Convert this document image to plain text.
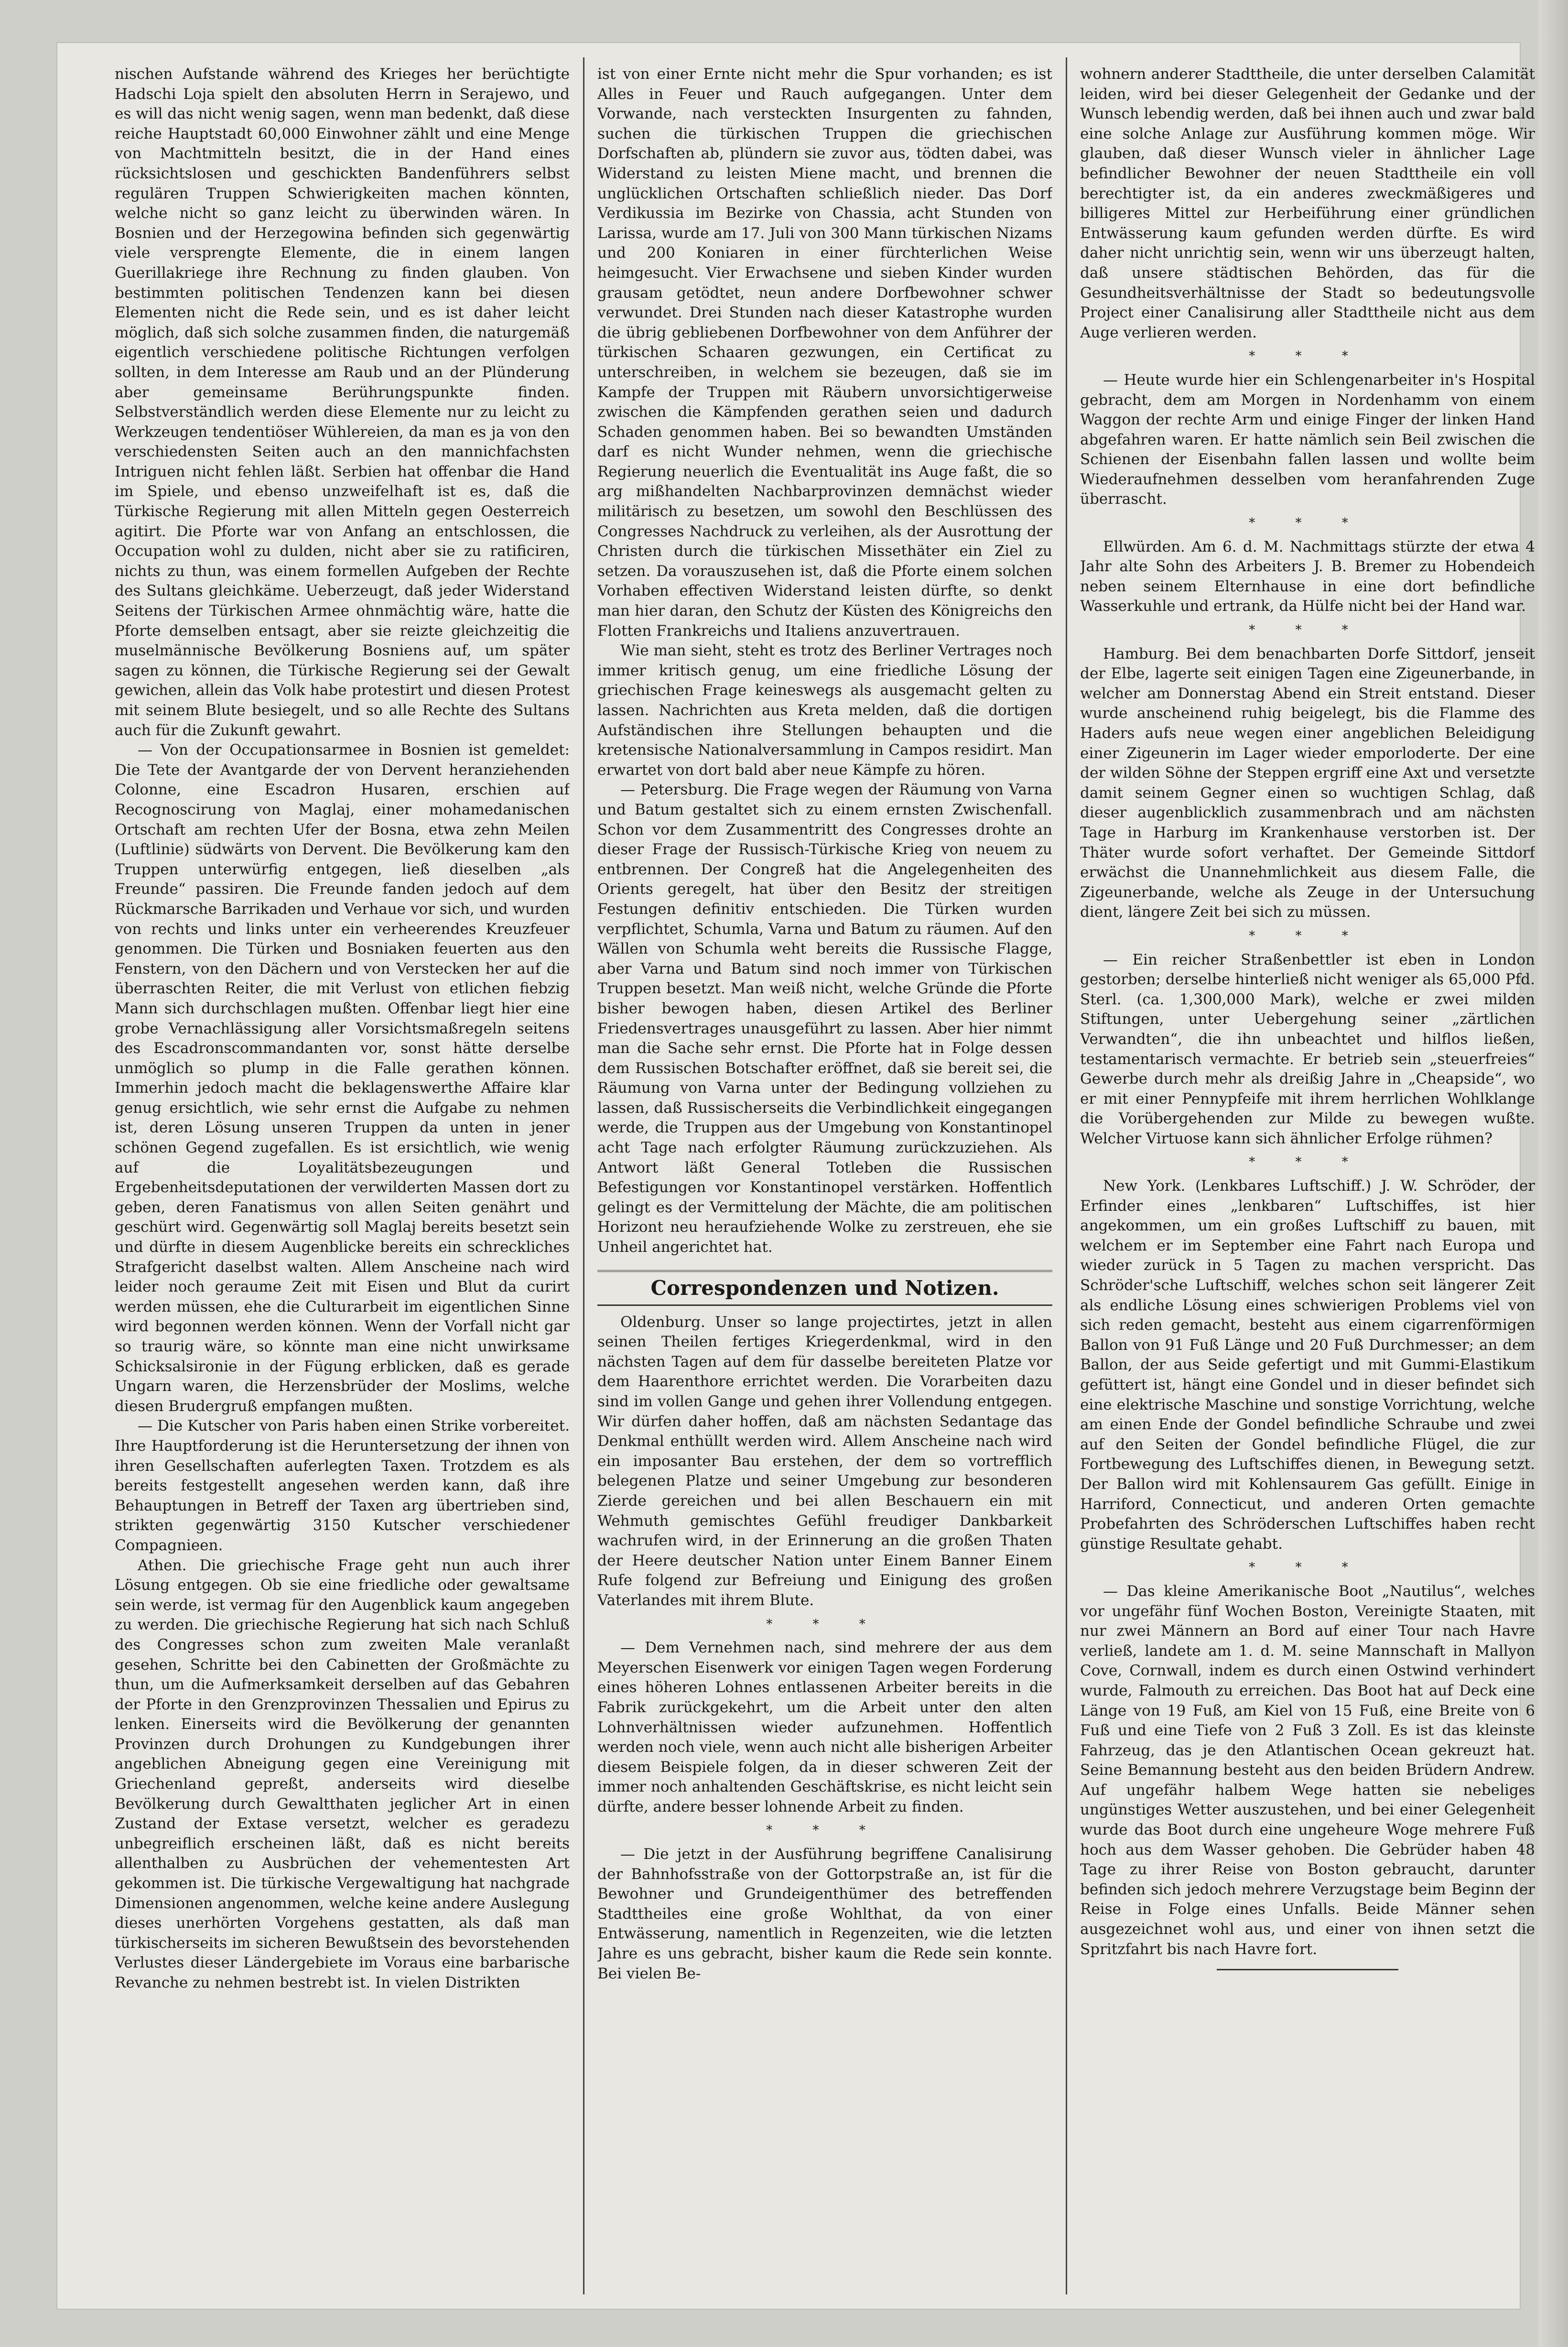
nischen Aufstande während des Krieges her berüchtigte Hadschi Loja spielt den absoluten Herrn in Serajewo, und es will das nicht wenig sagen, wenn man bedenkt, daß diese reiche Hauptstadt 60,000 Einwohner zählt und eine Menge von Machtmitteln besitzt, die in der Hand eines rücksichtslosen und geschickten Bandenführers selbst regulären Truppen Schwierigkeiten machen könnten, welche nicht so ganz leicht zu überwinden wären. In Bosnien und der Herzegowina befinden sich gegenwärtig viele versprengte Elemente, die in einem langen Guerillakriege ihre Rechnung zu finden glauben. Von bestimmten politischen Tendenzen kann bei diesen Elementen nicht die Rede sein, und es ist daher leicht möglich, daß sich solche zusammen finden, die naturgemäß eigentlich verschiedene politische Richtungen verfolgen sollten, in dem Interesse am Raub und an der Plünderung aber gemeinsame Berührungspunkte finden. Selbstverständlich werden diese Elemente nur zu leicht zu Werkzeugen tendentiöser Wühlereien, da man es ja von den verschiedensten Seiten auch an den mannichfachsten Intriguen nicht fehlen läßt. Serbien hat offenbar die Hand im Spiele, und ebenso unzweifelhaft ist es, daß die Türkische Regierung mit allen Mitteln gegen Oesterreich agitirt. Die Pforte war von Anfang an entschlossen, die Occupation wohl zu dulden, nicht aber sie zu ratificiren, nichts zu thun, was einem formellen Aufgeben der Rechte des Sultans gleichkäme. Ueberzeugt, daß jeder Widerstand Seitens der Türkischen Armee ohnmächtig wäre, hatte die Pforte demselben entsagt, aber sie reizte gleichzeitig die muselmännische Bevölkerung Bosniens auf, um später sagen zu können, die Türkische Regierung sei der Gewalt gewichen, allein das Volk habe protestirt und diesen Protest mit seinem Blute besiegelt, und so alle Rechte des Sultans auch für die Zukunft gewahrt.

— Von der Occupationsarmee in Bosnien ist gemeldet: Die Tete der Avantgarde der von Dervent heranziehenden Colonne, eine Escadron Husaren, erschien auf Recognoscirung von Maglaj, einer mohamedanischen Ortschaft am rechten Ufer der Bosna, etwa zehn Meilen (Luftlinie) südwärts von Dervent. Die Bevölkerung kam den Truppen unterwürfig entgegen, ließ dieselben „als Freunde“ passiren. Die Freunde fanden jedoch auf dem Rückmarsche Barrikaden und Verhaue vor sich, und wurden von rechts und links unter ein verheerendes Kreuzfeuer genommen. Die Türken und Bosniaken feuerten aus den Fenstern, von den Dächern und von Verstecken her auf die überraschten Reiter, die mit Verlust von etlichen fiebzig Mann sich durchschlagen mußten. Offenbar liegt hier eine grobe Vernachlässigung aller Vorsichtsmaßregeln seitens des Escadronscommandanten vor, sonst hätte derselbe unmöglich so plump in die Falle gerathen können. Immerhin jedoch macht die beklagenswerthe Affaire klar genug ersichtlich, wie sehr ernst die Aufgabe zu nehmen ist, deren Lösung unseren Truppen da unten in jener schönen Gegend zugefallen. Es ist ersichtlich, wie wenig auf die Loyalitätsbezeugungen und Ergebenheitsdeputationen der verwilderten Massen dort zu geben, deren Fanatismus von allen Seiten genährt und geschürt wird. Gegenwärtig soll Maglaj bereits besetzt sein und dürfte in diesem Augenblicke bereits ein schreckliches Strafgericht daselbst walten. Allem Anscheine nach wird leider noch geraume Zeit mit Eisen und Blut da curirt werden müssen, ehe die Culturarbeit im eigentlichen Sinne wird begonnen werden können. Wenn der Vorfall nicht gar so traurig wäre, so könnte man eine nicht unwirksame Schicksalsironie in der Fügung erblicken, daß es gerade Ungarn waren, die Herzensbrüder der Moslims, welche diesen Brudergruß empfangen mußten.

— Die Kutscher von Paris haben einen Strike vorbereitet. Ihre Hauptforderung ist die Heruntersetzung der ihnen von ihren Gesellschaften auferlegten Taxen. Trotzdem es als bereits festgestellt angesehen werden kann, daß ihre Behauptungen in Betreff der Taxen arg übertrieben sind, strikten gegenwärtig 3150 Kutscher verschiedener Compagnieen.

Athen. Die griechische Frage geht nun auch ihrer Lösung entgegen. Ob sie eine friedliche oder gewaltsame sein werde, ist vermag für den Augenblick kaum angegeben zu werden. Die griechische Regierung hat sich nach Schluß des Congresses schon zum zweiten Male veranlaßt gesehen, Schritte bei den Cabinetten der Großmächte zu thun, um die Aufmerksamkeit derselben auf das Gebahren der Pforte in den Grenzprovinzen Thessalien und Epirus zu lenken. Einerseits wird die Bevölkerung der genannten Provinzen durch Drohungen zu Kundgebungen ihrer angeblichen Abneigung gegen eine Vereinigung mit Griechenland gepreßt, anderseits wird dieselbe Bevölkerung durch Gewaltthaten jeglicher Art in einen Zustand der Extase versetzt, welcher es geradezu unbegreiflich erscheinen läßt, daß es nicht bereits allenthalben zu Ausbrüchen der vehementesten Art gekommen ist. Die türkische Vergewaltigung hat nachgrade Dimensionen angenommen, welche keine andere Auslegung dieses unerhörten Vorgehens gestatten, als daß man türkischerseits im sicheren Bewußtsein des bevorstehenden Verlustes dieser Ländergebiete im Voraus eine barbarische Revanche zu nehmen bestrebt ist. In vielen Distrikten

ist von einer Ernte nicht mehr die Spur vorhanden; es ist Alles in Feuer und Rauch aufgegangen. Unter dem Vorwande, nach versteckten Insurgenten zu fahnden, suchen die türkischen Truppen die griechischen Dorfschaften ab, plündern sie zuvor aus, tödten dabei, was Widerstand zu leisten Miene macht, und brennen die unglücklichen Ortschaften schließlich nieder. Das Dorf Verdikussia im Bezirke von Chassia, acht Stunden von Larissa, wurde am 17. Juli von 300 Mann türkischen Nizams und 200 Koniaren in einer fürchterlichen Weise heimgesucht. Vier Erwachsene und sieben Kinder wurden grausam getödtet, neun andere Dorfbewohner schwer verwundet. Drei Stunden nach dieser Katastrophe wurden die übrig gebliebenen Dorfbewohner von dem Anführer der türkischen Schaaren gezwungen, ein Certificat zu unterschreiben, in welchem sie bezeugen, daß sie im Kampfe der Truppen mit Räubern unvorsichtigerweise zwischen die Kämpfenden gerathen seien und dadurch Schaden genommen haben. Bei so bewandten Umständen darf es nicht Wunder nehmen, wenn die griechische Regierung neuerlich die Eventualität ins Auge faßt, die so arg mißhandelten Nachbarprovinzen demnächst wieder militärisch zu besetzen, um sowohl den Beschlüssen des Congresses Nachdruck zu verleihen, als der Ausrottung der Christen durch die türkischen Missethäter ein Ziel zu setzen. Da vorauszusehen ist, daß die Pforte einem solchen Vorhaben effectiven Widerstand leisten dürfte, so denkt man hier daran, den Schutz der Küsten des Königreichs den Flotten Frankreichs und Italiens anzuvertrauen.

Wie man sieht, steht es trotz des Berliner Vertrages noch immer kritisch genug, um eine friedliche Lösung der griechischen Frage keineswegs als ausgemacht gelten zu lassen. Nachrichten aus Kreta melden, daß die dortigen Aufständischen ihre Stellungen behaupten und die kretensische Nationalversammlung in Campos residirt. Man erwartet von dort bald aber neue Kämpfe zu hören.

— Petersburg. Die Frage wegen der Räumung von Varna und Batum gestaltet sich zu einem ernsten Zwischenfall. Schon vor dem Zusammentritt des Congresses drohte an dieser Frage der Russisch-Türkische Krieg von neuem zu entbrennen. Der Congreß hat die Angelegenheiten des Orients geregelt, hat über den Besitz der streitigen Festungen definitiv entschieden. Die Türken wurden verpflichtet, Schumla, Varna und Batum zu räumen. Auf den Wällen von Schumla weht bereits die Russische Flagge, aber Varna und Batum sind noch immer von Türkischen Truppen besetzt. Man weiß nicht, welche Gründe die Pforte bisher bewogen haben, diesen Artikel des Berliner Friedensvertrages unausgeführt zu lassen. Aber hier nimmt man die Sache sehr ernst. Die Pforte hat in Folge dessen dem Russischen Botschafter eröffnet, daß sie bereit sei, die Räumung von Varna unter der Bedingung vollziehen zu lassen, daß Russischerseits die Verbindlichkeit eingegangen werde, die Truppen aus der Umgebung von Konstantinopel acht Tage nach erfolgter Räumung zurückzuziehen. Als Antwort läßt General Totleben die Russischen Befestigungen vor Konstantinopel verstärken. Hoffentlich gelingt es der Vermittelung der Mächte, die am politischen Horizont neu heraufziehende Wolke zu zerstreuen, ehe sie Unheil angerichtet hat.

Correspondenzen und Notizen.

Oldenburg. Unser so lange projectirtes, jetzt in allen seinen Theilen fertiges Kriegerdenkmal, wird in den nächsten Tagen auf dem für dasselbe bereiteten Platze vor dem Haarenthore errichtet werden. Die Vorarbeiten dazu sind im vollen Gange und gehen ihrer Vollendung entgegen. Wir dürfen daher hoffen, daß am nächsten Sedantage das Denkmal enthüllt werden wird. Allem Anscheine nach wird ein imposanter Bau erstehen, der dem so vortrefflich belegenen Platze und seiner Umgebung zur besonderen Zierde gereichen und bei allen Beschauern ein mit Wehmuth gemischtes Gefühl freudiger Dankbarkeit wachrufen wird, in der Erinnerung an die großen Thaten der Heere deutscher Nation unter Einem Banner Einem Rufe folgend zur Befreiung und Einigung des großen Vaterlandes mit ihrem Blute.

* * *

— Dem Vernehmen nach, sind mehrere der aus dem Meyerschen Eisenwerk vor einigen Tagen wegen Forderung eines höheren Lohnes entlassenen Arbeiter bereits in die Fabrik zurückgekehrt, um die Arbeit unter den alten Lohnverhältnissen wieder aufzunehmen. Hoffentlich werden noch viele, wenn auch nicht alle bisherigen Arbeiter diesem Beispiele folgen, da in dieser schweren Zeit der immer noch anhaltenden Geschäftskrise, es nicht leicht sein dürfte, andere besser lohnende Arbeit zu finden.

* * *

— Die jetzt in der Ausführung begriffene Canalisirung der Bahnhofsstraße von der Gottorpstraße an, ist für die Bewohner und Grundeigenthümer des betreffenden Stadttheiles eine große Wohlthat, da von einer Entwässerung, namentlich in Regenzeiten, wie die letzten Jahre es uns gebracht, bisher kaum die Rede sein konnte. Bei vielen Be-

wohnern anderer Stadttheile, die unter derselben Calamität leiden, wird bei dieser Gelegenheit der Gedanke und der Wunsch lebendig werden, daß bei ihnen auch und zwar bald eine solche Anlage zur Ausführung kommen möge. Wir glauben, daß dieser Wunsch vieler in ähnlicher Lage befindlicher Bewohner der neuen Stadttheile ein voll berechtigter ist, da ein anderes zweckmäßigeres und billigeres Mittel zur Herbeiführung einer gründlichen Entwässerung kaum gefunden werden dürfte. Es wird daher nicht unrichtig sein, wenn wir uns überzeugt halten, daß unsere städtischen Behörden, das für die Gesundheitsverhältnisse der Stadt so bedeutungsvolle Project einer Canalisirung aller Stadttheile nicht aus dem Auge verlieren werden.

* * *

— Heute wurde hier ein Schlengenarbeiter in's Hospital gebracht, dem am Morgen in Nordenhamm von einem Waggon der rechte Arm und einige Finger der linken Hand abgefahren waren. Er hatte nämlich sein Beil zwischen die Schienen der Eisenbahn fallen lassen und wollte beim Wiederaufnehmen desselben vom heranfahrenden Zuge überrascht.

* * *

Ellwürden. Am 6. d. M. Nachmittags stürzte der etwa 4 Jahr alte Sohn des Arbeiters J. B. Bremer zu Hobendeich neben seinem Elternhause in eine dort befindliche Wasserkuhle und ertrank, da Hülfe nicht bei der Hand war.

* * *

Hamburg. Bei dem benachbarten Dorfe Sittdorf, jenseit der Elbe, lagerte seit einigen Tagen eine Zigeunerbande, in welcher am Donnerstag Abend ein Streit entstand. Dieser wurde anscheinend ruhig beigelegt, bis die Flamme des Haders aufs neue wegen einer angeblichen Beleidigung einer Zigeunerin im Lager wieder emporloderte. Der eine der wilden Söhne der Steppen ergriff eine Axt und versetzte damit seinem Gegner einen so wuchtigen Schlag, daß dieser augenblicklich zusammenbrach und am nächsten Tage in Harburg im Krankenhause verstorben ist. Der Thäter wurde sofort verhaftet. Der Gemeinde Sittdorf erwächst die Unannehmlichkeit aus diesem Falle, die Zigeunerbande, welche als Zeuge in der Untersuchung dient, längere Zeit bei sich zu müssen.

* * *

— Ein reicher Straßenbettler ist eben in London gestorben; derselbe hinterließ nicht weniger als 65,000 Pfd. Sterl. (ca. 1,300,000 Mark), welche er zwei milden Stiftungen, unter Uebergehung seiner „zärtlichen Verwandten“, die ihn unbeachtet und hilflos ließen, testamentarisch vermachte. Er betrieb sein „steuerfreies“ Gewerbe durch mehr als dreißig Jahre in „Cheapside“, wo er mit einer Pennypfeife mit ihrem herrlichen Wohlklange die Vorübergehenden zur Milde zu bewegen wußte. Welcher Virtuose kann sich ähnlicher Erfolge rühmen?

* * *

New York. (Lenkbares Luftschiff.) J. W. Schröder, der Erfinder eines „lenkbaren“ Luftschiffes, ist hier angekommen, um ein großes Luftschiff zu bauen, mit welchem er im September eine Fahrt nach Europa und wieder zurück in 5 Tagen zu machen verspricht. Das Schröder'sche Luftschiff, welches schon seit längerer Zeit als endliche Lösung eines schwierigen Problems viel von sich reden gemacht, besteht aus einem cigarrenförmigen Ballon von 91 Fuß Länge und 20 Fuß Durchmesser; an dem Ballon, der aus Seide gefertigt und mit Gummi-Elastikum gefüttert ist, hängt eine Gondel und in dieser befindet sich eine elektrische Maschine und sonstige Vorrichtung, welche am einen Ende der Gondel befindliche Schraube und zwei auf den Seiten der Gondel befindliche Flügel, die zur Fortbewegung des Luftschiffes dienen, in Bewegung setzt. Der Ballon wird mit Kohlensaurem Gas gefüllt. Einige in Harriford, Connecticut, und anderen Orten gemachte Probefahrten des Schröderschen Luftschiffes haben recht günstige Resultate gehabt.

* * *

— Das kleine Amerikanische Boot „Nautilus“, welches vor ungefähr fünf Wochen Boston, Vereinigte Staaten, mit nur zwei Männern an Bord auf einer Tour nach Havre verließ, landete am 1. d. M. seine Mannschaft in Mallyon Cove, Cornwall, indem es durch einen Ostwind verhindert wurde, Falmouth zu erreichen. Das Boot hat auf Deck eine Länge von 19 Fuß, am Kiel von 15 Fuß, eine Breite von 6 Fuß und eine Tiefe von 2 Fuß 3 Zoll. Es ist das kleinste Fahrzeug, das je den Atlantischen Ocean gekreuzt hat. Seine Bemannung besteht aus den beiden Brüdern Andrew. Auf ungefähr halbem Wege hatten sie nebeliges ungünstiges Wetter auszustehen, und bei einer Gelegenheit wurde das Boot durch eine ungeheure Woge mehrere Fuß hoch aus dem Wasser gehoben. Die Gebrüder haben 48 Tage zu ihrer Reise von Boston gebraucht, darunter befinden sich jedoch mehrere Verzugstage beim Beginn der Reise in Folge eines Unfalls. Beide Männer sehen ausgezeichnet wohl aus, und einer von ihnen setzt die Spritzfahrt bis nach Havre fort.
